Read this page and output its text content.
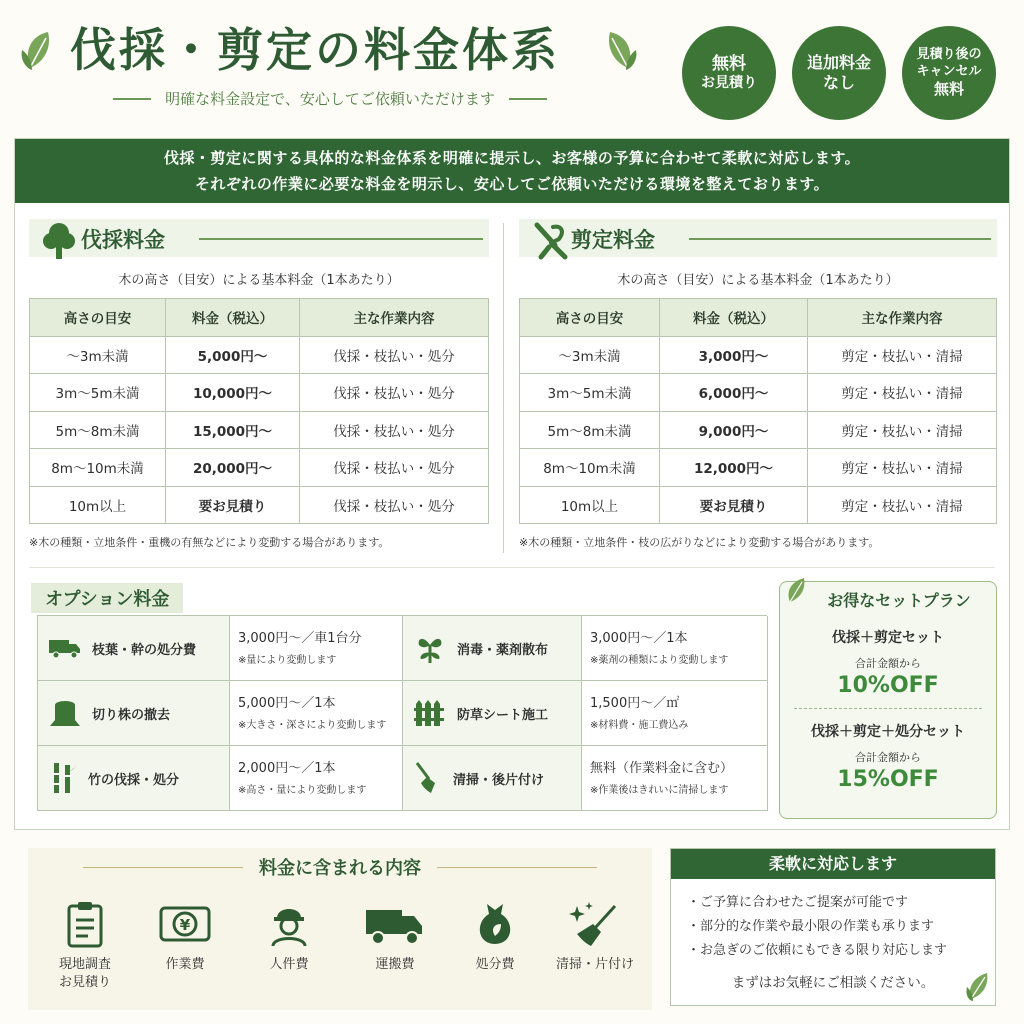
伐採・剪定の料金体系
明確な料金設定で、安心してご依頼いただけます
無料
お見積り
追加料金
なし
見積り後の
キャンセル
無料
伐採・剪定に関する具体的な料金体系を明確に提示し、お客様の予算に合わせて柔軟に対応します。
それぞれの作業に必要な料金を明示し、安心してご依頼いただける環境を整えております。
伐採料金
木の高さ（目安）による基本料金（1本あたり）
高さの目安	料金（税込）	主な作業内容
〜3m未満	5,000円〜	伐採・枝払い・処分
3m〜5m未満	10,000円〜	伐採・枝払い・処分
5m〜8m未満	15,000円〜	伐採・枝払い・処分
8m〜10m未満	20,000円〜	伐採・枝払い・処分
10m以上	要お見積り	伐採・枝払い・処分
※木の種類・立地条件・重機の有無などにより変動する場合があります。
剪定料金
木の高さ（目安）による基本料金（1本あたり）
高さの目安	料金（税込）	主な作業内容
〜3m未満	3,000円〜	剪定・枝払い・清掃
3m〜5m未満	6,000円〜	剪定・枝払い・清掃
5m〜8m未満	9,000円〜	剪定・枝払い・清掃
8m〜10m未満	12,000円〜	剪定・枝払い・清掃
10m以上	要お見積り	剪定・枝払い・清掃
※木の種類・立地条件・枝の広がりなどにより変動する場合があります。
オプション料金
枝葉・幹の処分費
3,000円〜／車1台分
※量により変動します
消毒・薬剤散布
3,000円〜／1本
※薬剤の種類により変動します
切り株の撤去
5,000円〜／1本
※大きさ・深さにより変動します
防草シート施工
1,500円〜／㎡
※材料費・施工費込み
竹の伐採・処分
2,000円〜／1本
※高さ・量により変動します
清掃・後片付け
無料（作業料金に含む）
※作業後はきれいに清掃します
お得なセットプラン
伐採＋剪定セット
合計金額から
10%OFF
伐採＋剪定＋処分セット
合計金額から
15%OFF
料金に含まれる内容
現地調査
お見積り
¥
作業費	人件費	運搬費	処分費	清掃・片付け
柔軟に対応します
・ ご予算に合わせたご提案が可能です
・ 部分的な作業や最小限の作業も承ります
・ お急ぎのご依頼にもできる限り対応します
まずはお気軽にご相談ください。
